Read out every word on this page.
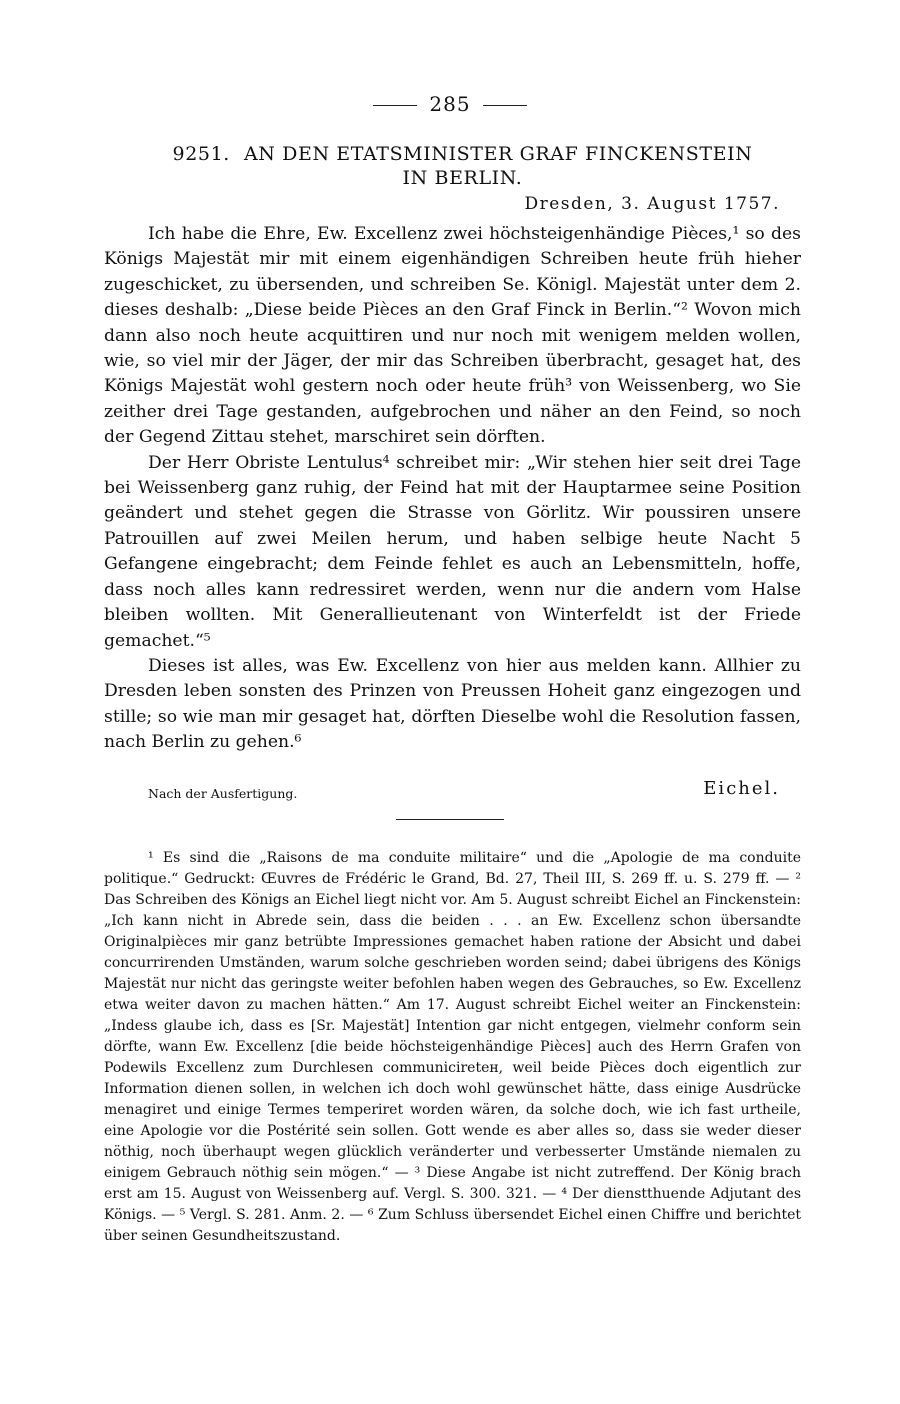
285
9251. AN DEN ETATSMINISTER GRAF FINCKENSTEIN
IN BERLIN.
Dresden, 3. August 1757.

Ich habe die Ehre, Ew. Excellenz zwei höchsteigenhändige Pièces,¹ so des Königs Majestät mir mit einem eigenhändigen Schreiben heute früh hieher zugeschicket, zu übersenden, und schreiben Se. Königl. Majestät unter dem 2. dieses deshalb: „Diese beide Pièces an den Graf Finck in Berlin.“² Wovon mich dann also noch heute acquittiren und nur noch mit wenigem melden wollen, wie, so viel mir der Jäger, der mir das Schreiben überbracht, gesaget hat, des Königs Majestät wohl gestern noch oder heute früh³ von Weissenberg, wo Sie zeither drei Tage gestanden, aufgebrochen und näher an den Feind, so noch der Gegend Zittau stehet, marschiret sein dörften.

Der Herr Obriste Lentulus⁴ schreibet mir: „Wir stehen hier seit drei Tage bei Weissenberg ganz ruhig, der Feind hat mit der Hauptarmee seine Position geändert und stehet gegen die Strasse von Görlitz. Wir poussiren unsere Patrouillen auf zwei Meilen herum, und haben selbige heute Nacht 5 Gefangene eingebracht; dem Feinde fehlet es auch an Lebensmitteln, hoffe, dass noch alles kann redressiret werden, wenn nur die andern vom Halse bleiben wollten. Mit Generallieutenant von Winterfeldt ist der Friede gemachet.“⁵

Dieses ist alles, was Ew. Excellenz von hier aus melden kann. Allhier zu Dresden leben sonsten des Prinzen von Preussen Hoheit ganz eingezogen und stille; so wie man mir gesaget hat, dörften Dieselbe wohl die Resolution fassen, nach Berlin zu gehen.⁶

Nach der Ausfertigung.	Eichel.

¹ Es sind die „Raisons de ma conduite militaire“ und die „Apologie de ma conduite politique.“ Gedruckt: Œuvres de Frédéric le Grand, Bd. 27, Theil III, S. 269 ff. u. S. 279 ff. — ² Das Schreiben des Königs an Eichel liegt nicht vor. Am 5. August schreibt Eichel an Finckenstein: „Ich kann nicht in Abrede sein, dass die beiden . . . an Ew. Excellenz schon übersandte Originalpièces mir ganz betrübte Impressiones gemachet haben ratione der Absicht und dabei concurrirenden Umständen, warum solche geschrieben worden seind; dabei übrigens des Königs Majestät nur nicht das geringste weiter befohlen haben wegen des Gebrauches, so Ew. Excellenz etwa weiter davon zu machen hätten.“ Am 17. August schreibt Eichel weiter an Finckenstein: „Indess glaube ich, dass es [Sr. Majestät] Intention gar nicht entgegen, vielmehr conform sein dörfte, wann Ew. Excellenz [die beide höchsteigenhändige Pièces] auch des Herrn Grafen von Podewils Excellenz zum Durchlesen communiciretен, weil beide Pièces doch eigentlich zur Information dienen sollen, in welchen ich doch wohl gewünschet hätte, dass einige Ausdrücke menagiret und einige Termes temperiret worden wären, da solche doch, wie ich fast urtheile, eine Apologie vor die Postérité sein sollen. Gott wende es aber alles so, dass sie weder dieser nöthig, noch überhaupt wegen glücklich veränderter und verbesserter Umstände niemalen zu einigem Gebrauch nöthig sein mögen.“ — ³ Diese Angabe ist nicht zutreffend. Der König brach erst am 15. August von Weissenberg auf. Vergl. S. 300. 321. — ⁴ Der dienstthuende Adjutant des Königs. — ⁵ Vergl. S. 281. Anm. 2. — ⁶ Zum Schluss übersendet Eichel einen Chiffre und berichtet über seinen Gesundheitszustand.
